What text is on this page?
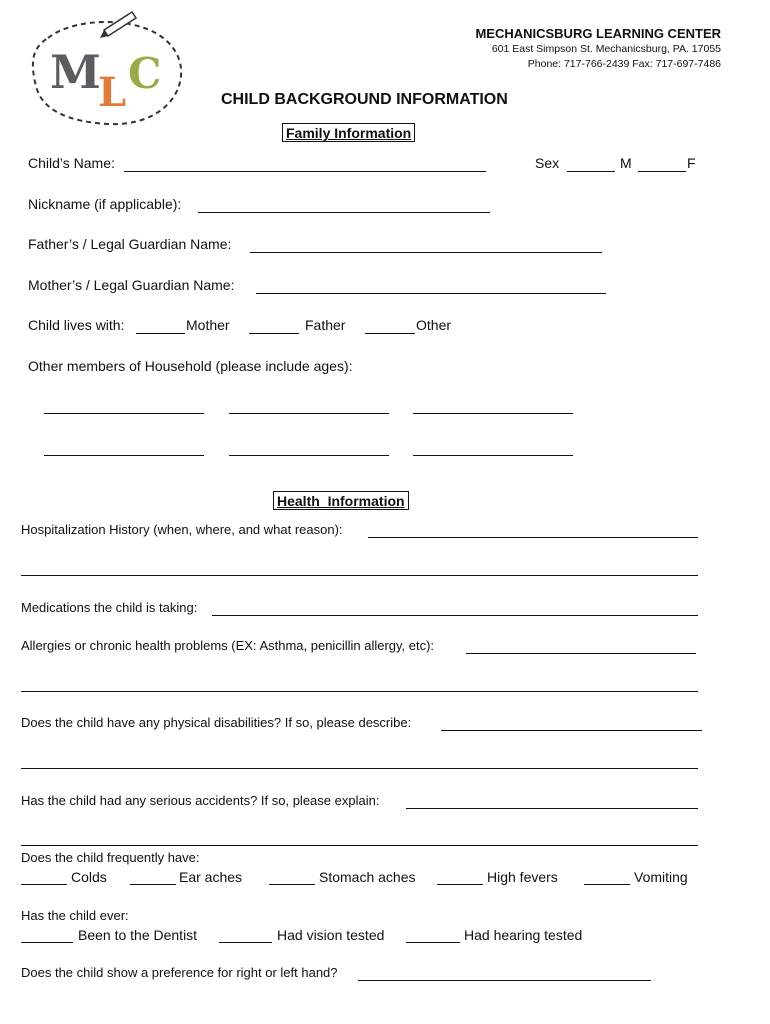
M
L C
MECHANICSBURG LEARNING CENTER
601 East Simpson St. Mechanicsburg, PA. 17055
Phone: 717-766-2439 Fax: 717-697-7486
CHILD BACKGROUND INFORMATION
Family Information
Child’s Name:	Sex	M	F
Nickname (if applicable):
Father’s / Legal Guardian Name:
Mother’s / Legal Guardian Name:
Child lives with:	Mother	Father	Other
Other members of Household (please include ages):
Health  Information
Hospitalization History (when, where, and what reason):
Medications the child is taking:
Allergies or chronic health problems (EX: Asthma, penicillin allergy, etc):
Does the child have any physical disabilities? If so, please describe:
Has the child had any serious accidents? If so, please explain:
Does the child frequently have:
Colds	Ear aches	Stomach aches	High fevers	Vomiting
Has the child ever:
Been to the Dentist	Had vision tested	Had hearing tested
Does the child show a preference for right or left hand?
